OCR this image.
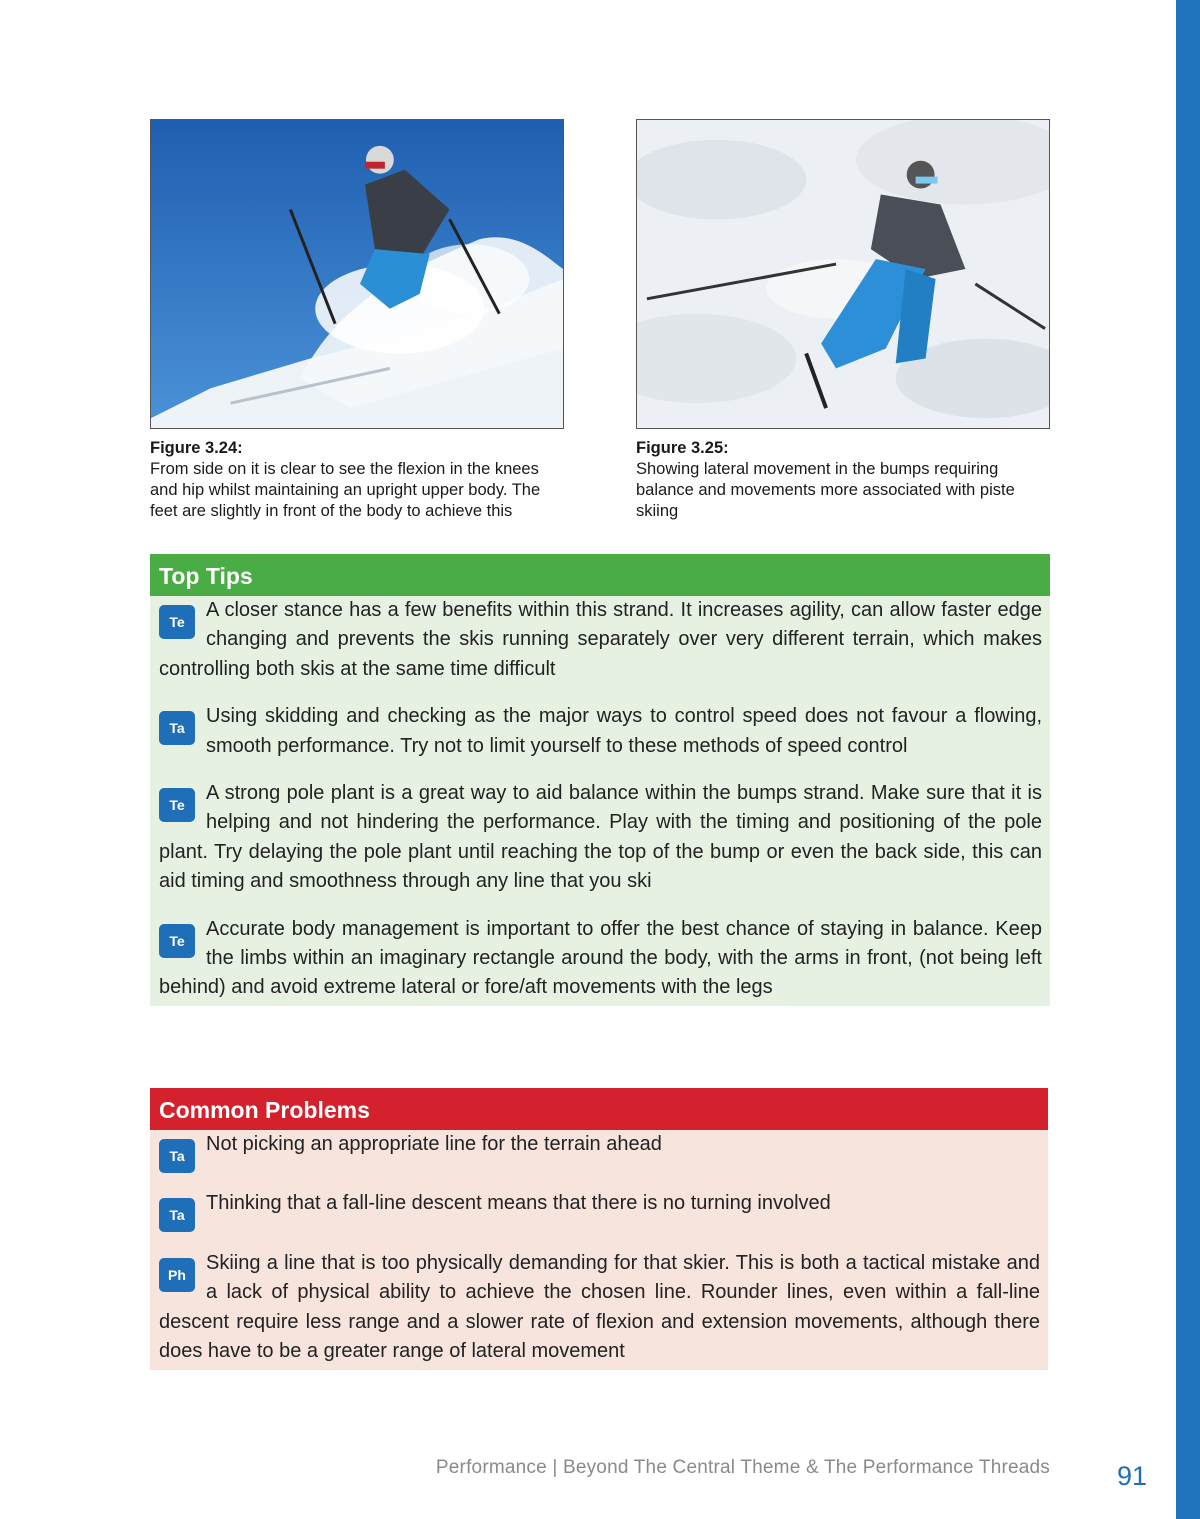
Figure 3.24:
From side on it is clear to see the flexion in the knees and hip whilst maintaining an upright upper body. The feet are slightly in front of the body to achieve this
Figure 3.25:
Showing lateral movement in the bumps requiring balance and movements more associated with piste skiing
Top Tips
Te
A closer stance has a few benefits within this strand. It increases agility, can allow faster edge changing and prevents the skis running separately over very different terrain, which makes controlling both skis at the same time difficult
Ta
Using skidding and checking as the major ways to control speed does not favour a flowing, smooth performance. Try not to limit yourself to these methods of speed control
Te
A strong pole plant is a great way to aid balance within the bumps strand. Make sure that it is helping and not hindering the performance. Play with the timing and positioning of the pole plant. Try delaying the pole plant until reaching the top of the bump or even the back side, this can aid timing and smoothness through any line that you ski
Te
Accurate body management is important to offer the best chance of staying in balance. Keep the limbs within an imaginary rectangle around the body, with the arms in front, (not being left behind) and avoid extreme lateral or fore/aft movements with the legs
Common Problems
Ta
Not picking an appropriate line for the terrain ahead
Ta
Thinking that a fall-line descent means that there is no turning involved
Ph
Skiing a line that is too physically demanding for that skier. This is both a tactical mistake and a lack of physical ability to achieve the chosen line. Rounder lines, even within a fall-line descent require less range and a slower rate of flexion and extension movements, although there does have to be a greater range of lateral movement
Performance | Beyond The Central Theme & The Performance Threads 91
